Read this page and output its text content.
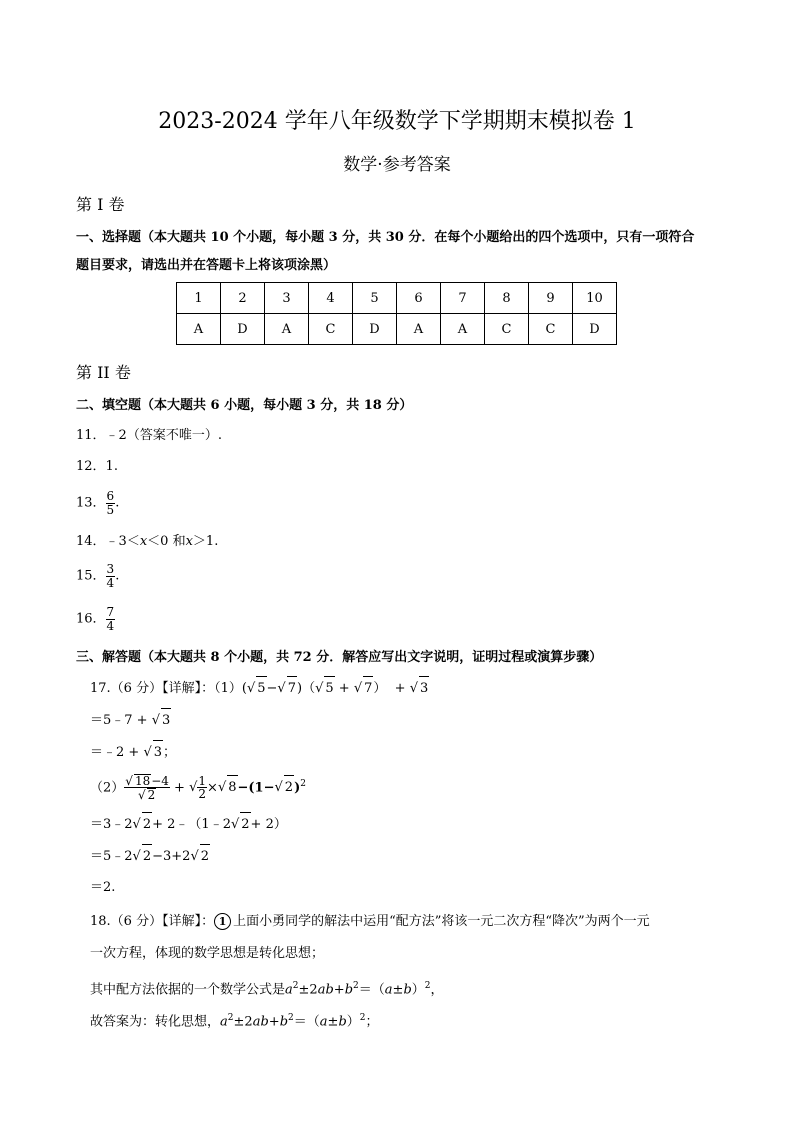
2023-2024 学年八年级数学下学期期末模拟卷 1
数学·参考答案
第 I 卷
一、选择题（本大题共 10 个小题，每小题 3 分，共 30 分．在每个小题给出的四个选项中，只有一项符合
题目要求，请选出并在答题卡上将该项涂黑）
1	2	3	4	5	6	7	8	9	10
A	D	A	C	D	A	A	C	C	D
第 II 卷
二、填空题（本大题共 6 小题，每小题 3 分，共 18 分）
11．﹣2（答案不唯一）.
12．1.
13． $\frac{6}{5}$ .
14．﹣3＜x＜0 和x＞1.
15． $\frac{3}{4}$ .
16． $\frac{7}{4}$
三、解答题（本大题共 8 个小题，共 72 分．解答应写出文字说明，证明过程或演算步骤）
17.（6 分）【详解】：（1）( √ 5− √ 7)（ √ 5 + √ 7）  + √ 3
＝5﹣7 + √ 3
＝﹣2 + √ 3；
（2） √ 18−4
√ 2 + √ $\frac{1}{2}$ × √ 8−(1− √ 2)$^2$
＝3﹣2 √ 2+ 2﹣（1﹣2 √ 2+ 2）
＝5﹣2 √ 2−3+2 √ 2
＝2.
18.（6 分）【详解】： 1 上面小勇同学的解法中运用“配方法”将该一元二次方程“降次”为两个一元
一次方程，体现的数学思想是转化思想；
其中配方法依据的一个数学公式是$a^2\pm 2ab+b^2=(a\pm b)^2$，
故答案为：转化思想，$a^2\pm 2ab+b^2=(a\pm b)^2$；
